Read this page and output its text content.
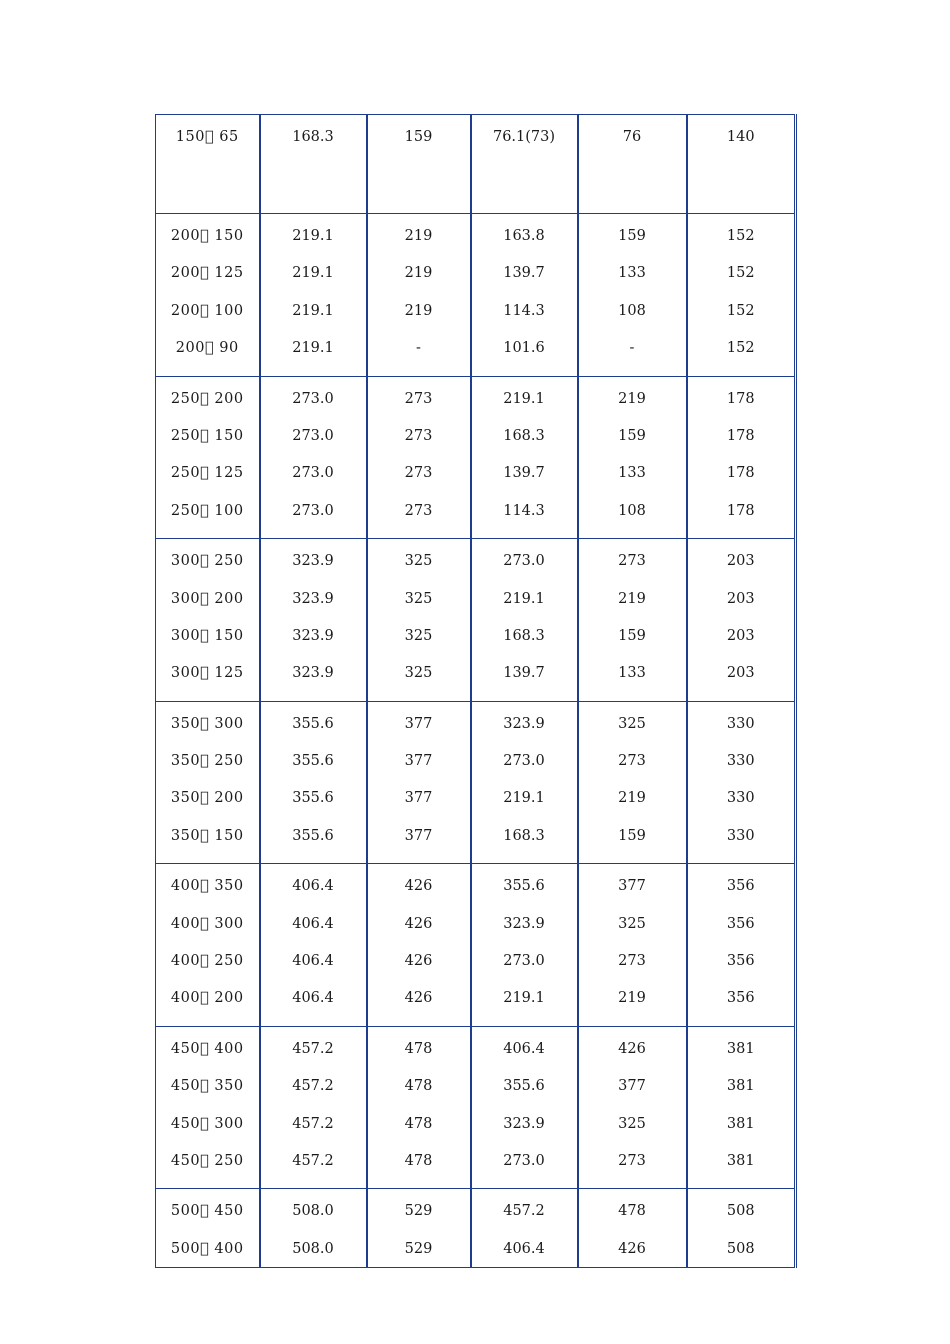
150  65	168.3	159	76.1(73)	76	140
200  150	219.1	219	163.8	159	152
200  125	219.1	219	139.7	133	152
200  100	219.1	219	114.3	108	152
200  90	219.1	-	101.6	-	152
250  200	273.0	273	219.1	219	178
250  150	273.0	273	168.3	159	178
250  125	273.0	273	139.7	133	178
250  100	273.0	273	114.3	108	178
300  250	323.9	325	273.0	273	203
300  200	323.9	325	219.1	219	203
300  150	323.9	325	168.3	159	203
300  125	323.9	325	139.7	133	203
350  300	355.6	377	323.9	325	330
350  250	355.6	377	273.0	273	330
350  200	355.6	377	219.1	219	330
350  150	355.6	377	168.3	159	330
400  350	406.4	426	355.6	377	356
400  300	406.4	426	323.9	325	356
400  250	406.4	426	273.0	273	356
400  200	406.4	426	219.1	219	356
450  400	457.2	478	406.4	426	381
450  350	457.2	478	355.6	377	381
450  300	457.2	478	323.9	325	381
450  250	457.2	478	273.0	273	381
500  450	508.0	529	457.2	478	508
500  400	508.0	529	406.4	426	508
